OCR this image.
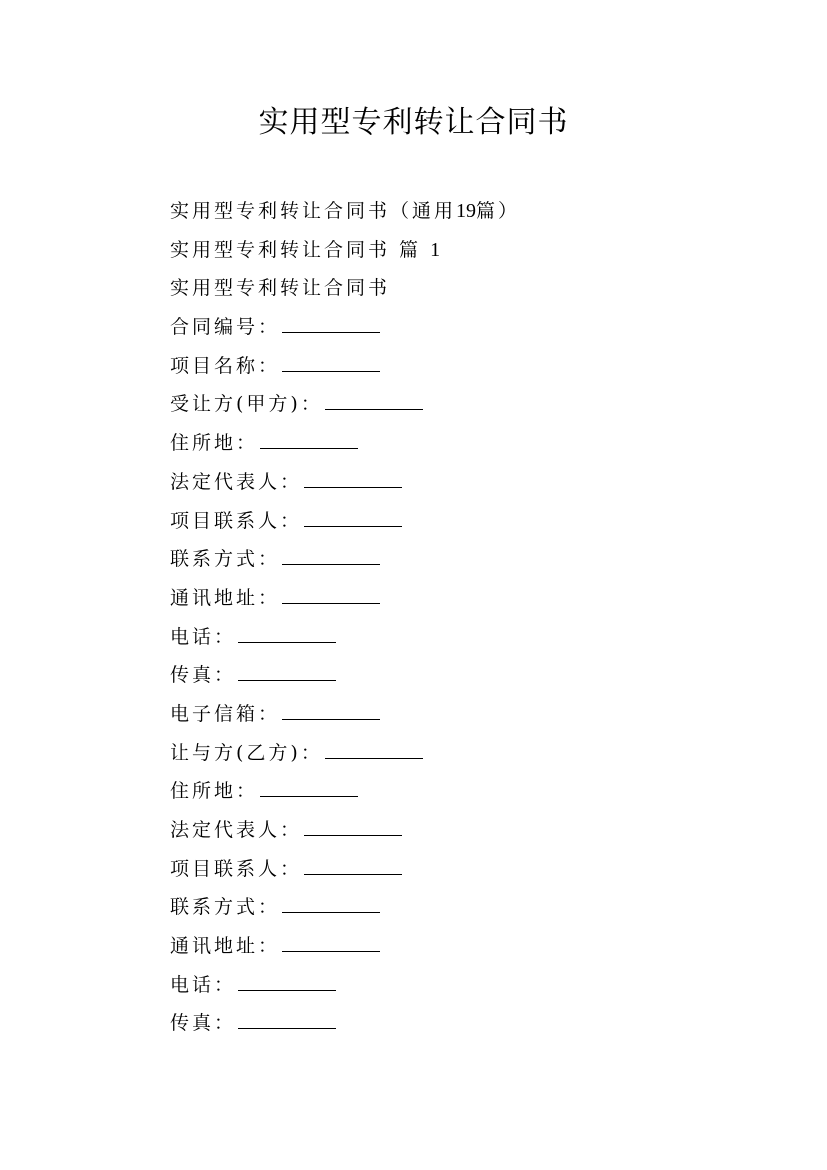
实用型专利转让合同书
实用型专利转让合同书（通用19篇）
实用型专利转让合同书 篇 1
实用型专利转让合同书
合同编号：
项目名称：
受让方(甲方)：
住所地：
法定代表人：
项目联系人：
联系方式：
通讯地址：
电话：
传真：
电子信箱：
让与方(乙方)：
住所地：
法定代表人：
项目联系人：
联系方式：
通讯地址：
电话：
传真：
